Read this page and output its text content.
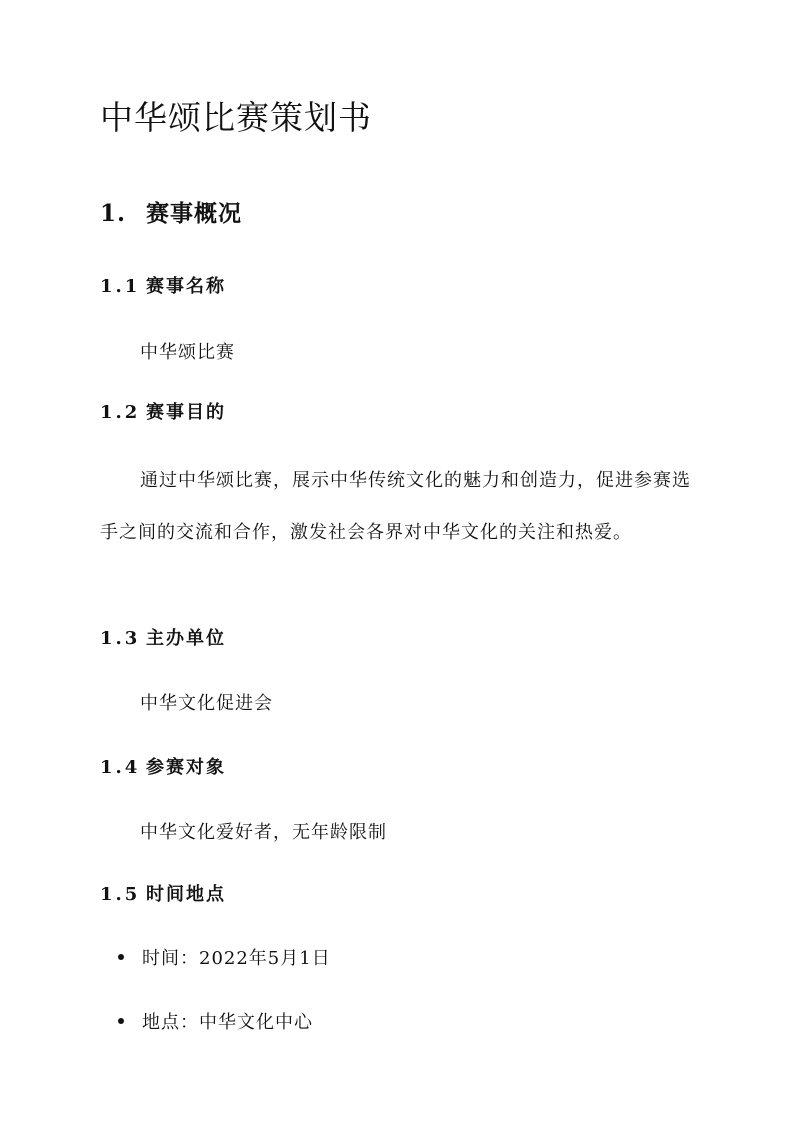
中华颂比赛策划书
1. 赛事概况
1.1 赛事名称

中华颂比赛

1.2 赛事目的

通过中华颂比赛，展示中华传统文化的魅力和创造力，促进参赛选手之间的交流和合作，激发社会各界对中华文化的关注和热爱。

1.3 主办单位

中华文化促进会

1.4 参赛对象

中华文化爱好者，无年龄限制

1.5 时间地点
时间：2022年5月1日
地点：中华文化中心
